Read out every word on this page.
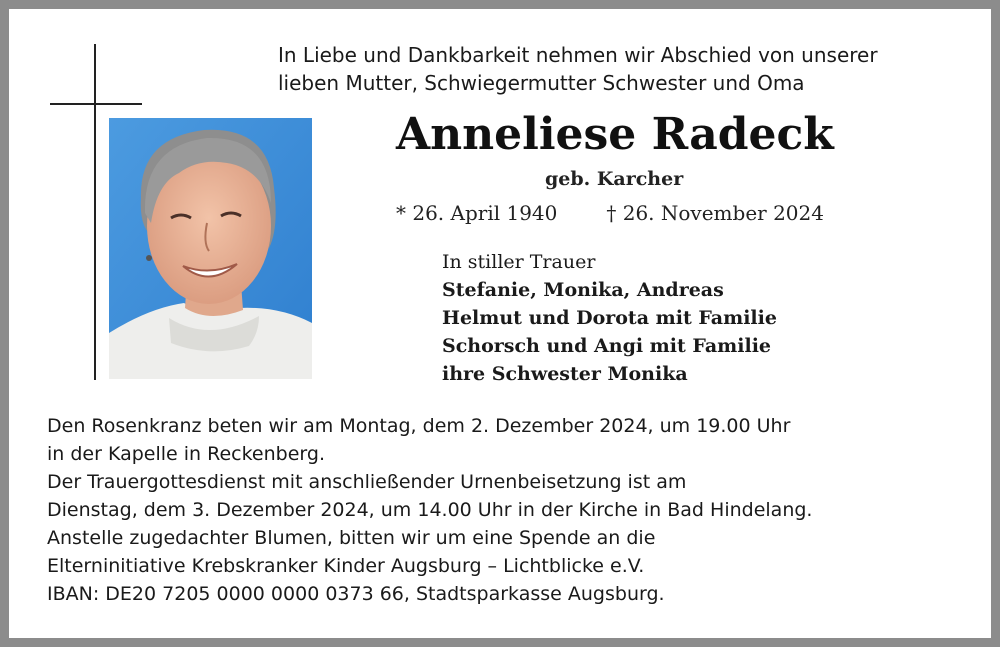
In Liebe und Dankbarkeit nehmen wir Abschied von unserer
lieben Mutter, Schwiegermutter Schwester und Oma
Anneliese Radeck
geb. Karcher
* 26. April 1940 † 26. November 2024
In stiller Trauer
Stefanie, Monika, Andreas
Helmut und Dorota mit Familie
Schorsch und Angi mit Familie
ihre Schwester Monika
Den Rosenkranz beten wir am Montag, dem 2. Dezember 2024, um 19.00 Uhr
in der Kapelle in Reckenberg.
Der Trauergottesdienst mit anschließender Urnenbeisetzung ist am
Dienstag, dem 3. Dezember 2024, um 14.00 Uhr in der Kirche in Bad Hindelang.
Anstelle zugedachter Blumen, bitten wir um eine Spende an die
Elterninitiative Krebskranker Kinder Augsburg – Lichtblicke e.V.
IBAN: DE20 7205 0000 0000 0373 66, Stadtsparkasse Augsburg.
